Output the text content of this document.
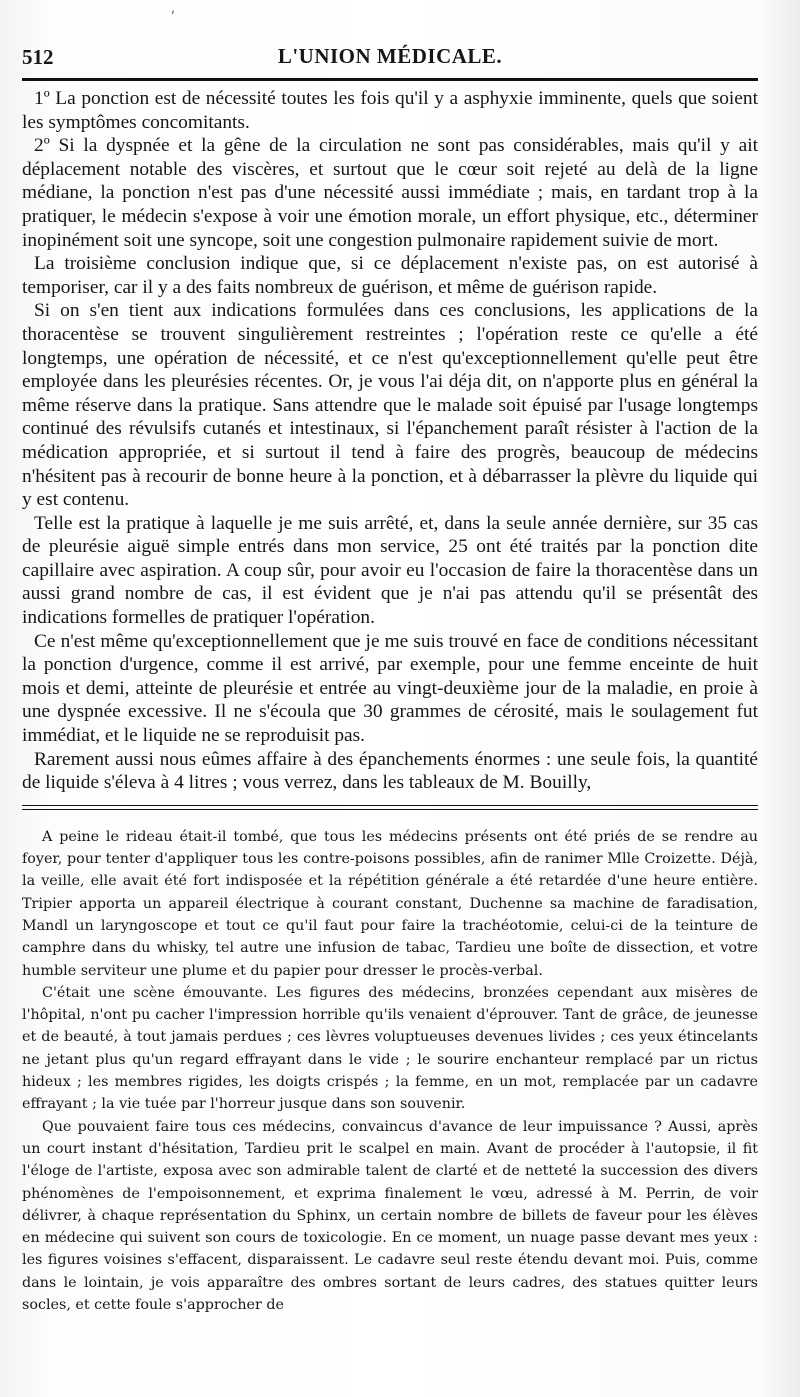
ʹ
512	L'UNION MÉDICALE.

1º La ponction est de nécessité toutes les fois qu'il y a asphyxie imminente, quels que soient les symptômes concomitants.

2º Si la dyspnée et la gêne de la circulation ne sont pas considérables, mais qu'il y ait déplacement notable des viscères, et surtout que le cœur soit rejeté au delà de la ligne médiane, la ponction n'est pas d'une nécessité aussi immédiate ; mais, en tardant trop à la pratiquer, le médecin s'expose à voir une émotion morale, un effort physique, etc., déterminer inopinément soit une syncope, soit une congestion pulmonaire rapidement suivie de mort.

La troisième conclusion indique que, si ce déplacement n'existe pas, on est autorisé à temporiser, car il y a des faits nombreux de guérison, et même de guérison rapide.

Si on s'en tient aux indications formulées dans ces conclusions, les applications de la thoracentèse se trouvent singulièrement restreintes ; l'opération reste ce qu'elle a été longtemps, une opération de nécessité, et ce n'est qu'exceptionnellement qu'elle peut être employée dans les pleurésies récentes. Or, je vous l'ai déja dit, on n'apporte plus en général la même réserve dans la pratique. Sans attendre que le malade soit épuisé par l'usage longtemps continué des révulsifs cutanés et intestinaux, si l'épanchement paraît résister à l'action de la médication appropriée, et si surtout il tend à faire des progrès, beaucoup de médecins n'hésitent pas à recourir de bonne heure à la ponction, et à débarrasser la plèvre du liquide qui y est contenu.

Telle est la pratique à laquelle je me suis arrêté, et, dans la seule année dernière, sur 35 cas de pleurésie aiguë simple entrés dans mon service, 25 ont été traités par la ponction dite capillaire avec aspiration. A coup sûr, pour avoir eu l'occasion de faire la thoracentèse dans un aussi grand nombre de cas, il est évident que je n'ai pas attendu qu'il se présentât des indications formelles de pratiquer l'opération.

Ce n'est même qu'exceptionnellement que je me suis trouvé en face de conditions nécessitant la ponction d'urgence, comme il est arrivé, par exemple, pour une femme enceinte de huit mois et demi, atteinte de pleurésie et entrée au vingt-deuxième jour de la maladie, en proie à une dyspnée excessive. Il ne s'écoula que 30 grammes de cérosité, mais le soulagement fut immédiat, et le liquide ne se reproduisit pas.

Rarement aussi nous eûmes affaire à des épanchements énormes : une seule fois, la quantité de liquide s'éleva à 4 litres ; vous verrez, dans les tableaux de M. Bouilly,

A peine le rideau était-il tombé, que tous les médecins présents ont été priés de se rendre au foyer, pour tenter d'appliquer tous les contre-poisons possibles, afin de ranimer Mlle Croizette. Déjà, la veille, elle avait été fort indisposée et la répétition générale a été retardée d'une heure entière. Tripier apporta un appareil électrique à courant constant, Duchenne sa machine de faradisation, Mandl un laryngoscope et tout ce qu'il faut pour faire la trachéotomie, celui-ci de la teinture de camphre dans du whisky, tel autre une infusion de tabac, Tardieu une boîte de dissection, et votre humble serviteur une plume et du papier pour dresser le procès-verbal.

C'était une scène émouvante. Les figures des médecins, bronzées cependant aux misères de l'hôpital, n'ont pu cacher l'impression horrible qu'ils venaient d'éprouver. Tant de grâce, de jeunesse et de beauté, à tout jamais perdues ; ces lèvres voluptueuses devenues livides ; ces yeux étincelants ne jetant plus qu'un regard effrayant dans le vide ; le sourire enchanteur remplacé par un rictus hideux ; les membres rigides, les doigts crispés ; la femme, en un mot, remplacée par un cadavre effrayant ; la vie tuée par l'horreur jusque dans son souvenir.

Que pouvaient faire tous ces médecins, convaincus d'avance de leur impuissance ? Aussi, après un court instant d'hésitation, Tardieu prit le scalpel en main. Avant de procéder à l'autopsie, il fit l'éloge de l'artiste, exposa avec son admirable talent de clarté et de netteté la succession des divers phénomènes de l'empoisonnement, et exprima finalement le vœu, adressé à M. Perrin, de voir délivrer, à chaque représentation du Sphinx, un certain nombre de billets de faveur pour les élèves en médecine qui suivent son cours de toxicologie. En ce moment, un nuage passe devant mes yeux : les figures voisines s'effacent, disparaissent. Le cadavre seul reste étendu devant moi. Puis, comme dans le lointain, je vois apparaître des ombres sortant de leurs cadres, des statues quitter leurs socles, et cette foule s'approcher de
